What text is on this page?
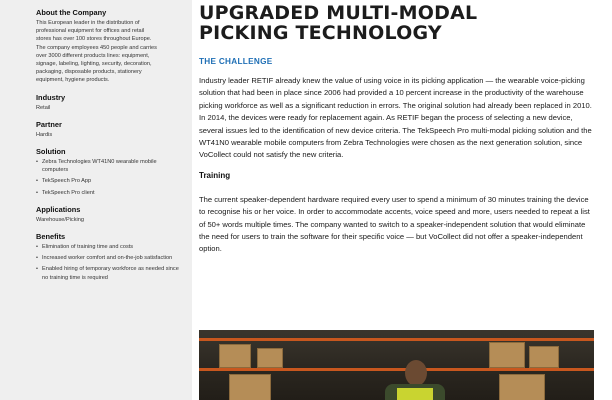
About the Company

This European leader in the distribution of
professional equipment for offices and retail
stores has over 100 stores throughout Europe.
The company employees 450 people and carries
over 3000 different products lines: equipment,
signage, labeling, lighting, security, decoration,
packaging, disposable products, stationery
equipment, hygiene products.

Industry

Retail

Partner

Hardis

Solution

• Zebra Technologies WT41N0 wearable mobile computers
• TekSpeech Pro App
• TekSpeech Pro client

Applications

Warehouse/Picking

Benefits

• Elimination of training time and costs
• Increased worker comfort and on-the-job satisfaction
• Enabled hiring of temporary workforce as needed since no training time is required
UPGRADED MULTI-MODAL
PICKING TECHNOLOGY

THE CHALLENGE

Industry leader RETIF already knew the value of using voice in its picking application — the wearable voice-picking solution that had been in place since 2006 had provided a 10 percent increase in the productivity of the warehouse picking workforce as well as a significant reduction in errors. The original solution had already been replaced in 2010. In 2014, the devices were ready for replacement again. As RETIF began the process of selecting a new device, several issues led to the identification of new device criteria. The TekSpeech Pro multi-modal picking solution and the WT41N0 wearable mobile computers from Zebra Technologies were chosen as the next generation solution, since VoCollect could not satisfy the new criteria.

Training

The current speaker-dependent hardware required every user to spend a minimum of 30 minutes training the device to recognise his or her voice. In order to accommodate accents, voice speed and more, users needed to repeat a list of 50+ words multiple times. The company wanted to switch to a speaker-independent solution that would eliminate the need for users to train the software for their specific voice — but VoCollect did not offer a speaker-independent option.
